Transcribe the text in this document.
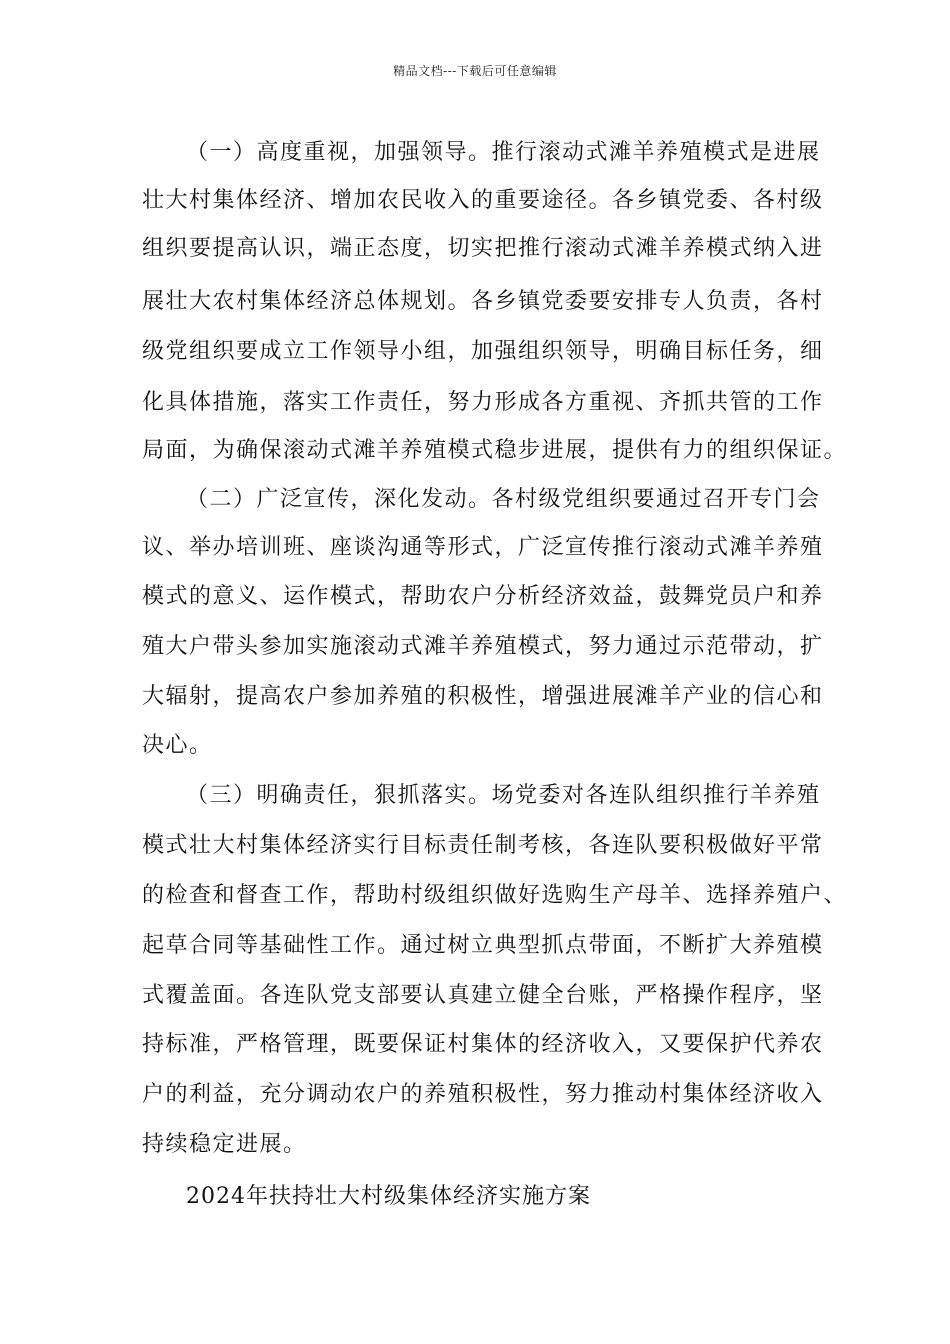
精品文档---下载后可任意编辑
（一）高度重视，加强领导。推行滚动式滩羊养殖模式是进展
壮大村集体经济、增加农民收入的重要途径。各乡镇党委、各村级
组织要提高认识，端正态度，切实把推行滚动式滩羊养模式纳入进
展壮大农村集体经济总体规划。各乡镇党委要安排专人负责，各村
级党组织要成立工作领导小组，加强组织领导，明确目标任务，细
化具体措施，落实工作责任，努力形成各方重视、齐抓共管的工作
局面，为确保滚动式滩羊养殖模式稳步进展，提供有力的组织保证。
（二）广泛宣传，深化发动。各村级党组织要通过召开专门会
议、举办培训班、座谈沟通等形式，广泛宣传推行滚动式滩羊养殖
模式的意义、运作模式，帮助农户分析经济效益，鼓舞党员户和养
殖大户带头参加实施滚动式滩羊养殖模式，努力通过示范带动，扩
大辐射，提高农户参加养殖的积极性，增强进展滩羊产业的信心和
决心。
（三）明确责任，狠抓落实。场党委对各连队组织推行羊养殖
模式壮大村集体经济实行目标责任制考核，各连队要积极做好平常
的检查和督查工作，帮助村级组织做好选购生产母羊、选择养殖户、
起草合同等基础性工作。通过树立典型抓点带面，不断扩大养殖模
式覆盖面。各连队党支部要认真建立健全台账，严格操作程序，坚
持标准，严格管理，既要保证村集体的经济收入，又要保护代养农
户的利益，充分调动农户的养殖积极性，努力推动村集体经济收入
持续稳定进展。
2024年扶持壮大村级集体经济实施方案
